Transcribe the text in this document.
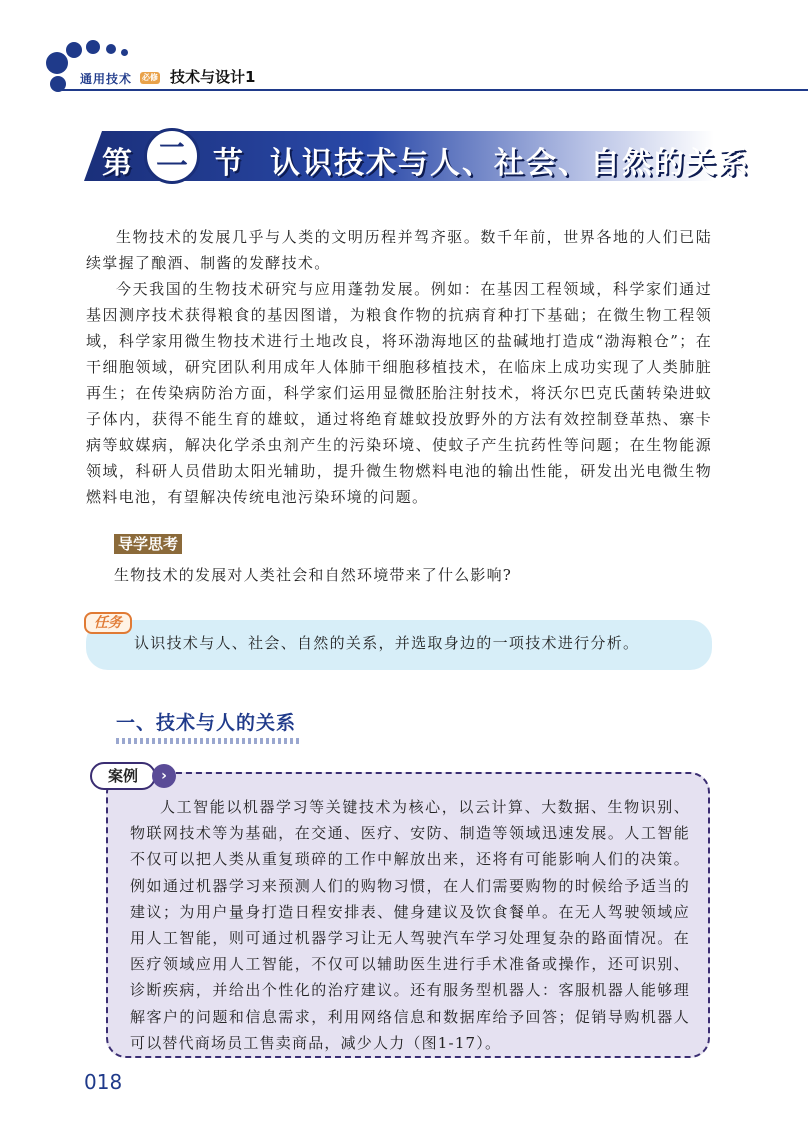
通用技术 必修 技术与设计1
第 二 节 认识技术与人、社会、自然的关系

生物技术的发展几乎与人类的文明历程并驾齐驱。数千年前，世界各地的人们已陆续掌握了酿酒、制酱的发酵技术。

今天我国的生物技术研究与应用蓬勃发展。例如：在基因工程领域，科学家们通过基因测序技术获得粮食的基因图谱，为粮食作物的抗病育种打下基础；在微生物工程领域，科学家用微生物技术进行土地改良，将环渤海地区的盐碱地打造成“渤海粮仓”；在干细胞领域，研究团队利用成年人体肺干细胞移植技术，在临床上成功实现了人类肺脏再生；在传染病防治方面，科学家们运用显微胚胎注射技术，将沃尔巴克氏菌转染进蚊子体内，获得不能生育的雄蚊，通过将绝育雄蚊投放野外的方法有效控制登革热、寨卡病等蚊媒病，解决化学杀虫剂产生的污染环境、使蚊子产生抗药性等问题；在生物能源领域，科研人员借助太阳光辅助，提升微生物燃料电池的输出性能，研发出光电微生物燃料电池，有望解决传统电池污染环境的问题。

导学思考
生物技术的发展对人类社会和自然环境带来了什么影响?
任务
认识技术与人、社会、自然的关系，并选取身边的一项技术进行分析。
一、技术与人的关系
案例	›

人工智能以机器学习等关键技术为核心，以云计算、大数据、生物识别、物联网技术等为基础，在交通、医疗、安防、制造等领域迅速发展。人工智能不仅可以把人类从重复琐碎的工作中解放出来，还将有可能影响人们的决策。例如通过机器学习来预测人们的购物习惯，在人们需要购物的时候给予适当的建议；为用户量身打造日程安排表、健身建议及饮食餐单。在无人驾驶领域应用人工智能，则可通过机器学习让无人驾驶汽车学习处理复杂的路面情况。在医疗领域应用人工智能，不仅可以辅助医生进行手术准备或操作，还可识别、诊断疾病，并给出个性化的治疗建议。还有服务型机器人：客服机器人能够理解客户的问题和信息需求，利用网络信息和数据库给予回答；促销导购机器人可以替代商场员工售卖商品，减少人力（图1-17）。

018
